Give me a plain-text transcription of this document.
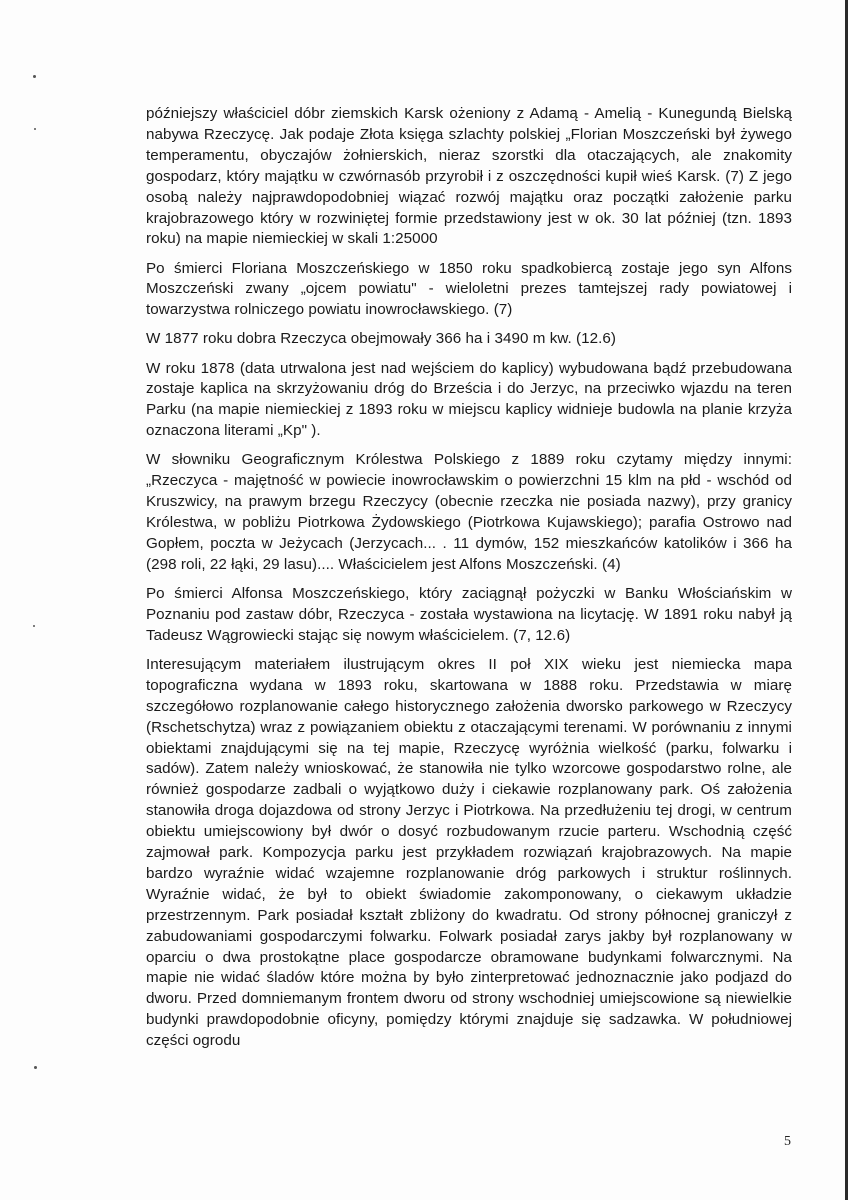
późniejszy właściciel dóbr ziemskich Karsk ożeniony z Adamą - Amelią - Kunegundą Bielską nabywa Rzeczycę. Jak podaje Złota księga szlachty polskiej „Florian Moszczeński był żywego temperamentu, obyczajów żołnierskich, nieraz szorstki dla otaczających, ale znakomity gospodarz, który majątku w czwórnasób przyrobił i z oszczędności kupił wieś Karsk. (7) Z jego osobą należy najprawdopodobniej wiązać rozwój majątku oraz początki założenie parku krajobrazowego który w rozwiniętej formie przedstawiony jest w ok. 30 lat później (tzn. 1893 roku) na mapie niemieckiej w skali 1:25000

Po śmierci Floriana Moszczeńskiego w 1850 roku spadkobiercą zostaje jego syn Alfons Moszczeński zwany „ojcem powiatu" - wieloletni prezes tamtejszej rady powiatowej i towarzystwa rolniczego powiatu inowrocławskiego. (7)

W 1877 roku dobra Rzeczyca obejmowały 366 ha i 3490 m kw. (12.6)

W roku 1878 (data utrwalona jest nad wejściem do kaplicy) wybudowana bądź przebudowana zostaje kaplica na skrzyżowaniu dróg do Brześcia i do Jerzyc, na przeciwko wjazdu na teren Parku (na mapie niemieckiej z 1893 roku w miejscu kaplicy widnieje budowla na planie krzyża oznaczona literami „Kp" ).

W słowniku Geograficznym Królestwa Polskiego z 1889 roku czytamy między innymi: „Rzeczyca - majętność w powiecie inowrocławskim o powierzchni 15 klm na płd - wschód od Kruszwicy, na prawym brzegu Rzeczycy (obecnie rzeczka nie posiada nazwy), przy granicy Królestwa, w pobliżu Piotrkowa Żydowskiego (Piotrkowa Kujawskiego); parafia Ostrowo nad Gopłem, poczta w Jeżycach (Jerzycach... . 11 dymów, 152 mieszkańców katolików i 366 ha (298 roli, 22 łąki, 29 lasu).... Właścicielem jest Alfons Moszczeński. (4)

Po śmierci Alfonsa Moszczeńskiego, który zaciągnął pożyczki w Banku Włościańskim w Poznaniu pod zastaw dóbr, Rzeczyca - została wystawiona na licytację. W 1891 roku nabył ją Tadeusz Wągrowiecki stając się nowym właścicielem. (7, 12.6)

Interesującym materiałem ilustrującym okres II poł XIX wieku jest niemiecka mapa topograficzna wydana w 1893 roku, skartowana w 1888 roku. Przedstawia w miarę szczegółowo rozplanowanie całego historycznego założenia dworsko parkowego w Rzeczycy (Rschetschytza) wraz z powiązaniem obiektu z otaczającymi terenami. W porównaniu z innymi obiektami znajdującymi się na tej mapie, Rzeczycę wyróżnia wielkość (parku, folwarku i sadów). Zatem należy wnioskować, że stanowiła nie tylko wzorcowe gospodarstwo rolne, ale również gospodarze zadbali o wyjątkowo duży i ciekawie rozplanowany park. Oś założenia stanowiła droga dojazdowa od strony Jerzyc i Piotrkowa. Na przedłużeniu tej drogi, w centrum obiektu umiejscowiony był dwór o dosyć rozbudowanym rzucie parteru. Wschodnią część zajmował park. Kompozycja parku jest przykładem rozwiązań krajobrazowych. Na mapie bardzo wyraźnie widać wzajemne rozplanowanie dróg parkowych i struktur roślinnych. Wyraźnie widać, że był to obiekt świadomie zakomponowany, o ciekawym układzie przestrzennym. Park posiadał kształt zbliżony do kwadratu. Od strony północnej graniczył z zabudowaniami gospodarczymi folwarku. Folwark posiadał zarys jakby był rozplanowany w oparciu o dwa prostokątne place gospodarcze obramowane budynkami folwarcznymi. Na mapie nie widać śladów które można by było zinterpretować jednoznacznie jako podjazd do dworu. Przed domniemanym frontem dworu od strony wschodniej umiejscowione są niewielkie budynki prawdopodobnie oficyny, pomiędzy którymi znajduje się sadzawka. W południowej części ogrodu

5
